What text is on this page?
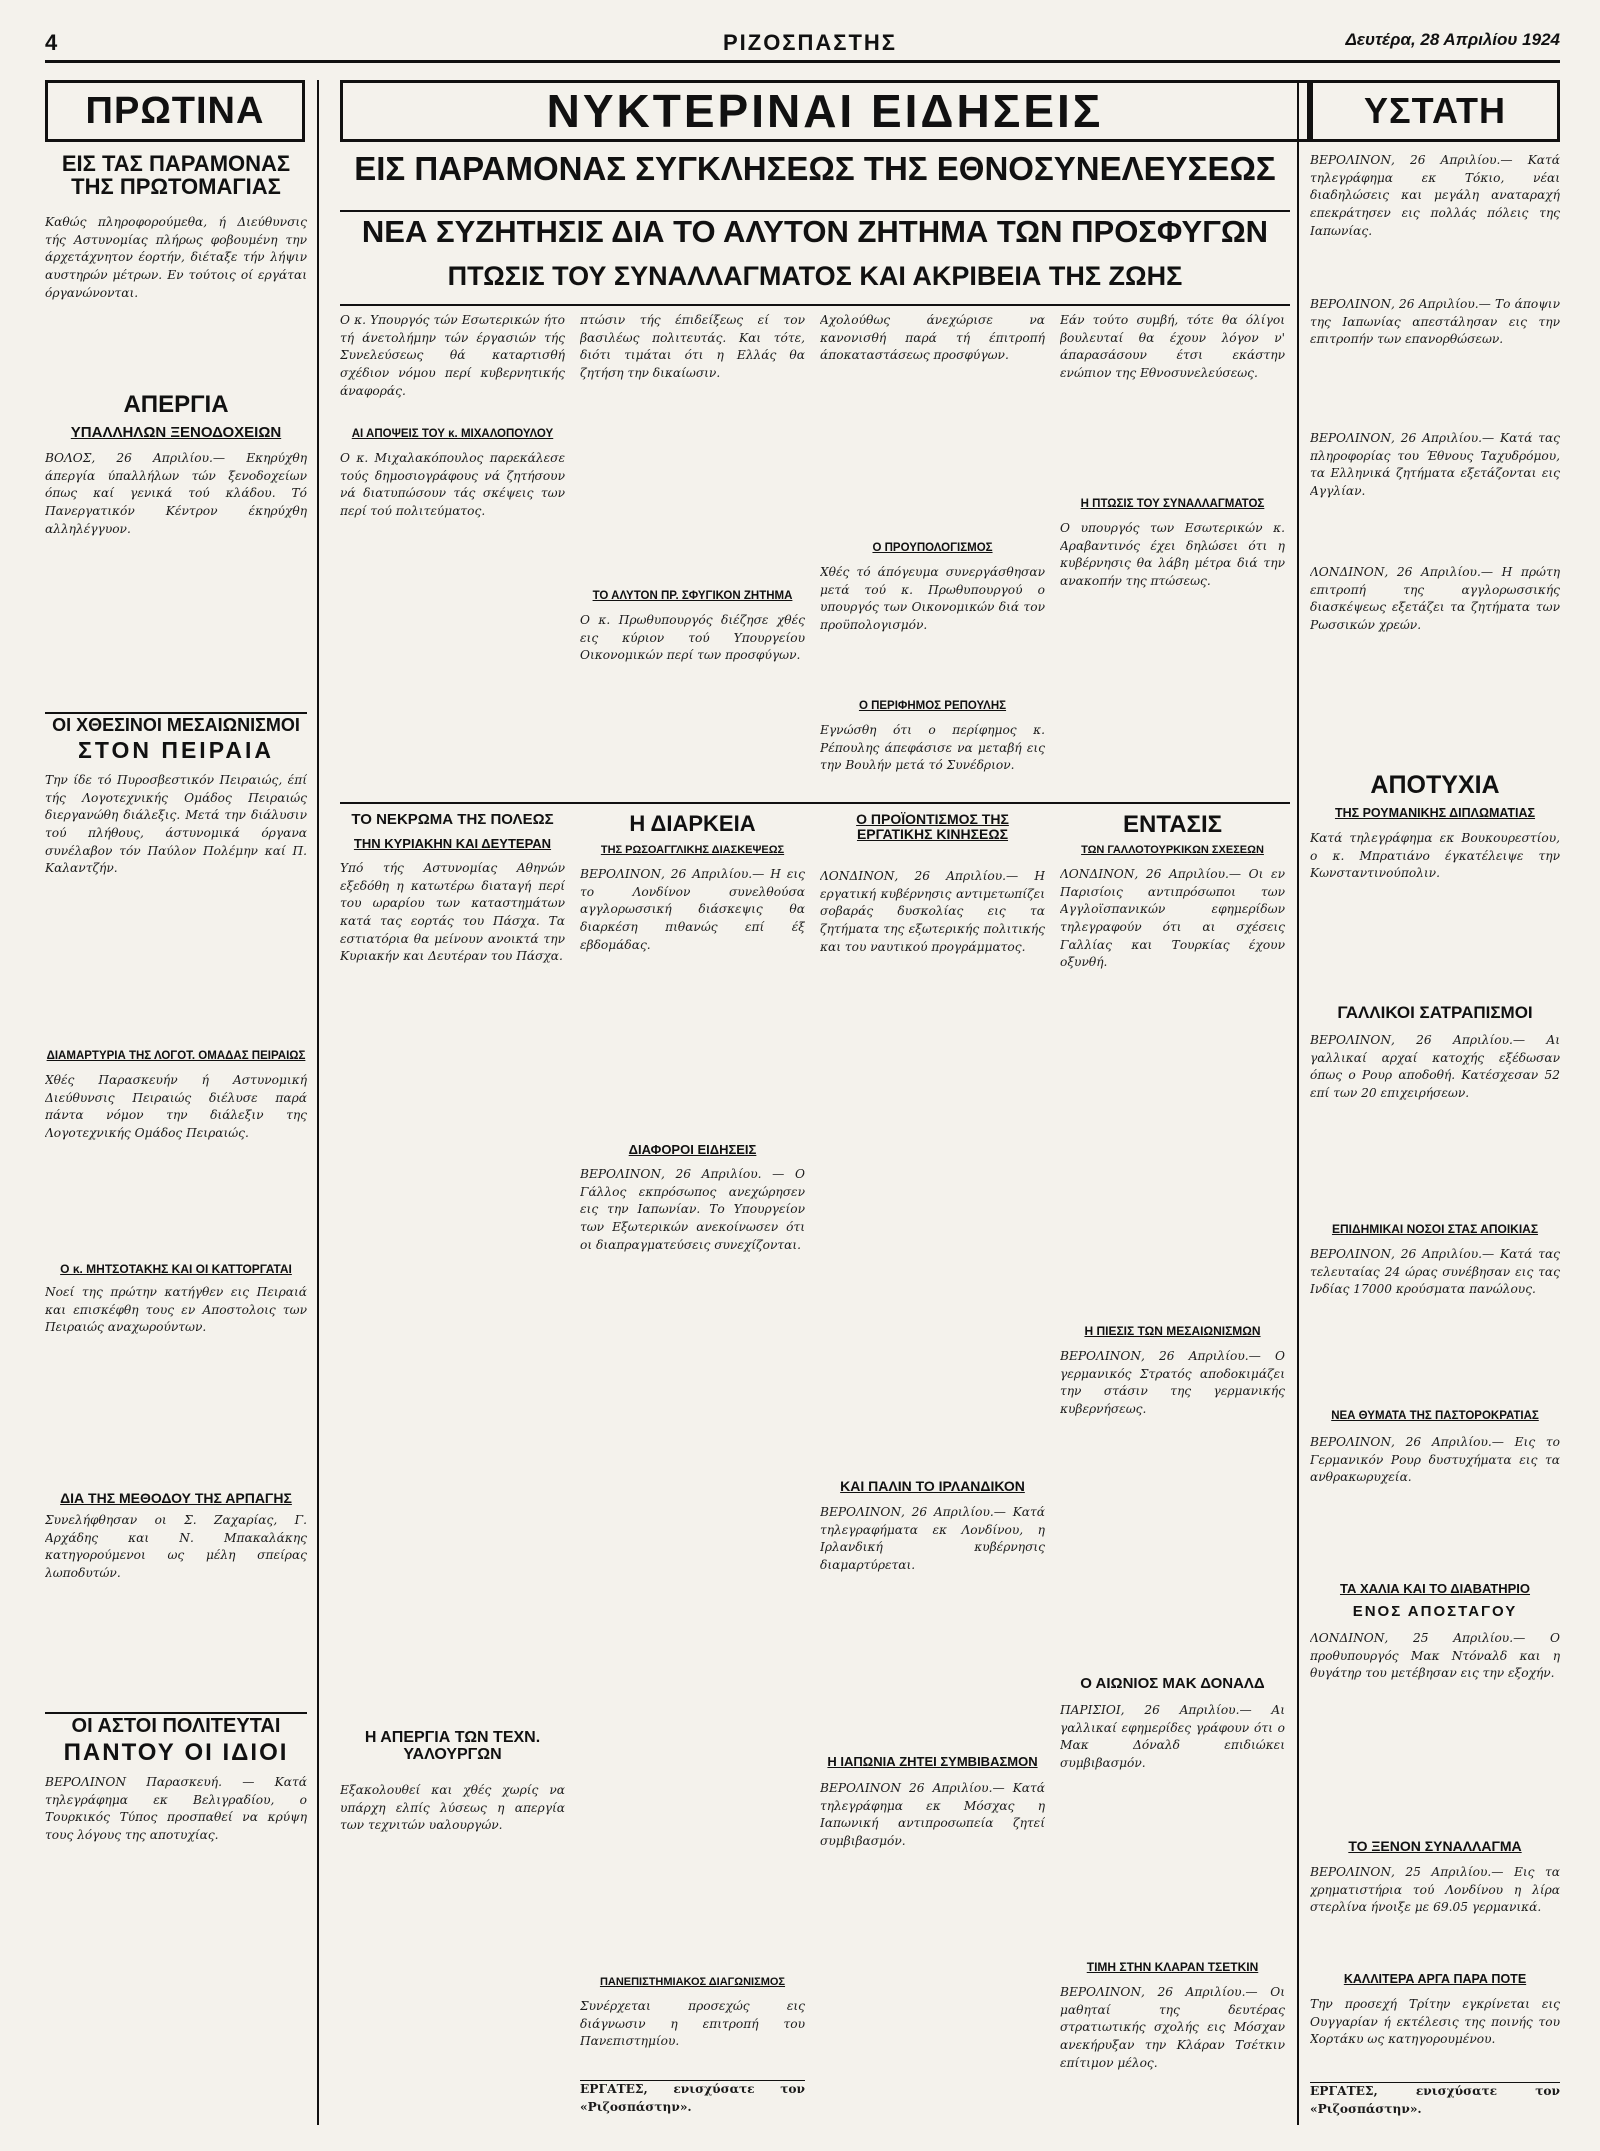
4	ΡΙΖΟΣΠΑΣΤΗΣ	Δευτέρα, 28 Απριλίου 1924
ΠΡΩΤΙΝΑ	ΝΥΚΤΕΡΙΝΑΙ ΕΙΔΗΣΕΙΣ	ΥΣΤΑΤΗ
ΕΙΣ ΠΑΡΑΜΟΝΑΣ ΣΥΓΚΛΗΣΕΩΣ ΤΗΣ ΕΘΝΟΣΥΝΕΛΕΥΣΕΩΣ
ΝΕΑ ΣΥΖΗΤΗΣΙΣ ΔΙΑ ΤΟ ΑΛΥΤΟΝ ΖΗΤΗΜΑ ΤΩΝ ΠΡΟΣΦΥΓΩΝ
ΠΤΩΣΙΣ ΤΟΥ ΣΥΝΑΛΛΑΓΜΑΤΟΣ ΚΑΙ ΑΚΡΙΒΕΙΑ ΤΗΣ ΖΩΗΣ
ΕΙΣ ΤΑΣ ΠΑΡΑΜΟΝΑΣ ΤΗΣ ΠΡΩΤΟΜΑΓΙΑΣ
Καθώς πληροφορούμεθα, ή Διεύθυνσις τής Αστυνομίας πλήρως φοβουμένη την άρχετάχνητον έορτήν, διέταξε τήν λήψιν αυστηρών μέτρων. Εν τούτοις οί εργάται όργανώνονται.
ΑΠΕΡΓΙΑ
ΥΠΑΛΛΗΛΩΝ ΞΕΝΟΔΟΧΕΙΩΝ
ΒΟΛΟΣ, 26 Απριλίου.— Εκηρύχθη άπεργία ύπαλλήλων τών ξενοδοχείων όπως καί γενικά τού κλάδου. Τό Πανεργατικόν Κέντρον έκηρύχθη αλληλέγγυον.
ΟΙ ΧΘΕΣΙΝΟΙ ΜΕΣΑΙΩΝΙΣΜΟΙ
ΣΤΟΝ ΠΕΙΡΑΙΑ
Την ίδε τό Πυροσβεστικόν Πειραιώς, έπί τής Λογοτεχνικής Ομάδος Πειραιώς διεργανώθη διάλεξις. Μετά την διάλυσιν τού πλήθους, άστυνομικά όργανα συνέλαβον τόν Παύλον Πολέμην καί Π. Καλαντζήν.
ΔΙΑΜΑΡΤΥΡΙΑ ΤΗΣ ΛΟΓΟΤ. ΟΜΑΔΑΣ ΠΕΙΡΑΙΩΣ
Χθές Παρασκευήν ή Αστυνομική Διεύθυνσις Πειραιώς διέλυσε παρά πάντα νόμον την διάλεξιν της Λογοτεχνικής Ομάδος Πειραιώς.
Ο κ. ΜΗΤΣΟΤΑΚΗΣ ΚΑΙ ΟΙ ΚΑΤΤΟΡΓΑΤΑΙ
Νοεί της πρώτην κατήγθεν εις Πειραιά και επισκέφθη τους εν Αποστολοις των Πειραιώς αναχωρούντων.
ΔΙΑ ΤΗΣ ΜΕΘΟΔΟΥ ΤΗΣ ΑΡΠΑΓΗΣ
Συνελήφθησαν οι Σ. Ζαχαρίας, Γ. Αρχάδης και Ν. Μπακαλάκης κατηγορούμενοι ως μέλη σπείρας λωποδυτών.
ΟΙ ΑΣΤΟΙ ΠΟΛΙΤΕΥΤΑΙ
ΠΑΝΤΟΥ ΟΙ ΙΔΙΟΙ
ΒΕΡΟΛΙΝΟΝ Παρασκευή. — Κατά τηλεγράφημα εκ Βελιγραδίου, ο Τουρκικός Τύπος προσπαθεί να κρύψη τους λόγους της αποτυχίας.
Ο κ. Υπουργός τών Εσωτερικών ήτο τή άνετολήμην τών έργασιών τής Συνελεύσεως θά καταρτισθή σχέδιον νόμου περί κυβερνητικής άναφοράς.
ΑΙ ΑΠΟΨΕΙΣ ΤΟΥ κ. ΜΙΧΑΛΟΠΟΥΛΟΥ
Ο κ. Μιχαλακόπουλος παρεκάλεσε τούς δημοσιογράφους νά ζητήσουν νά διατυπώσουν τάς σκέψεις των περί τού πολιτεύματος.
πτώσιν τής έπιδείξεως εί τον βασιλέως πολιτευτάς. Και τότε, διότι τιμάται ότι η Ελλάς θα ζητήση την δικαίωσιν.
ΤΟ ΑΛΥΤΟΝ ΠΡ. ΣΦΥΓΙΚΟΝ ΖΗΤΗΜΑ
Ο κ. Πρωθυπουργός διέζησε χθές εις κύριον τού Υπουργείου Οικονομικών περί των προσφύγων.
Αχολούθως άνεχώρισε να κανονισθή παρά τή έπιτροπή άποκαταστάσεως προσφύγων.
Ο ΠΡΟΫΠΟΛΟΓΙΣΜΟΣ
Χθές τό άπόγευμα συνεργάσθησαν μετά τού κ. Πρωθυπουργού ο υπουργός των Οικονομικών διά τον προϋπολογισμόν.
Ο ΠΕΡΙΦΗΜΟΣ ΡΕΠΟΥΛΗΣ
Εγνώσθη ότι ο περίφημος κ. Ρέπουλης άπεφάσισε να μεταβή εις την Βουλήν μετά τό Συνέδριον.
Εάν τούτο συμβή, τότε θα όλίγοι βουλευταί θα έχουν λόγον ν' άπαρασάσουν έτσι εκάστην ενώπιον της Εθνοσυνελεύσεως.
Η ΠΤΩΣΙΣ ΤΟΥ ΣΥΝΑΛΛΑΓΜΑΤΟΣ
Ο υπουργός των Εσωτερικών κ. Αραβαντινός έχει δηλώσει ότι η κυβέρνησις θα λάβη μέτρα διά την ανακοπήν της πτώσεως.
ΤΟ ΝΕΚΡΩΜΑ ΤΗΣ ΠΟΛΕΩΣ
ΤΗΝ ΚΥΡΙΑΚΗΝ ΚΑΙ ΔΕΥΤΕΡΑΝ
Υπό τής Αστυνομίας Αθηνών εξεδόθη η κατωτέρω διαταγή περί του ωραρίου των καταστημάτων κατά τας εορτάς του Πάσχα. Τα εστιατόρια θα μείνουν ανοικτά την Κυριακήν και Δευτέραν του Πάσχα.
Η ΑΠΕΡΓΙΑ ΤΩΝ ΤΕΧΝ. ΥΑΛΟΥΡΓΩΝ
Εξακολουθεί και χθές χωρίς να υπάρχη ελπίς λύσεως η απεργία των τεχνιτών υαλουργών.
Η ΔΙΑΡΚΕΙΑ
ΤΗΣ ΡΩΣΟΑΓΓΛΙΚΗΣ ΔΙΑΣΚΕΨΕΩΣ
ΒΕΡΟΛΙΝΟΝ, 26 Απριλίου.— Η εις το Λονδίνον συνελθούσα αγγλορωσσική διάσκεψις θα διαρκέση πιθανώς επί έξ εβδομάδας.
ΔΙΑΦΟΡΟΙ ΕΙΔΗΣΕΙΣ
ΒΕΡΟΛΙΝΟΝ, 26 Απριλίου. — Ο Γάλλος εκπρόσωπος ανεχώρησεν εις την Ιαπωνίαν. Το Υπουργείον των Εξωτερικών ανεκοίνωσεν ότι οι διαπραγματεύσεις συνεχίζονται.
ΠΑΝΕΠΙΣΤΗΜΙΑΚΟΣ ΔΙΑΓΩΝΙΣΜΟΣ
Συνέρχεται προσεχώς εις διάγνωσιν η επιτροπή του Πανεπιστημίου.
ΕΡΓΑΤΕΣ, ενισχύσατε τον «Ριζοσπάστην».
Ο ΠΡΟΪΟΝΤΙΣΜΟΣ ΤΗΣ ΕΡΓΑΤΙΚΗΣ ΚΙΝΗΣΕΩΣ
ΛΟΝΔΙΝΟΝ, 26 Απριλίου.— Η εργατική κυβέρνησις αντιμετωπίζει σοβαράς δυσκολίας εις τα ζητήματα της εξωτερικής πολιτικής και του ναυτικού προγράμματος.
ΚΑΙ ΠΑΛΙΝ ΤΟ ΙΡΛΑΝΔΙΚΟΝ
ΒΕΡΟΛΙΝΟΝ, 26 Απριλίου.— Κατά τηλεγραφήματα εκ Λονδίνου, η Ιρλανδική κυβέρνησις διαμαρτύρεται.
Η ΙΑΠΩΝΙΑ ΖΗΤΕΙ ΣΥΜΒΙΒΑΣΜΟΝ
ΒΕΡΟΛΙΝΟΝ 26 Απριλίου.— Κατά τηλεγράφημα εκ Μόσχας η Ιαπωνική αντιπροσωπεία ζητεί συμβιβασμόν.
ΕΝΤΑΣΙΣ
ΤΩΝ ΓΑΛΛΟΤΟΥΡΚΙΚΩΝ ΣΧΕΣΕΩΝ
ΛΟΝΔΙΝΟΝ, 26 Απριλίου.— Οι εν Παρισίοις αντιπρόσωποι των Αγγλοϊσπανικών εφημερίδων τηλεγραφούν ότι αι σχέσεις Γαλλίας και Τουρκίας έχουν οξυνθή.
Η ΠΙΕΣΙΣ ΤΩΝ ΜΕΣΑΙΩΝΙΣΜΩΝ
ΒΕΡΟΛΙΝΟΝ, 26 Απριλίου.— Ο γερμανικός Στρατός αποδοκιμάζει την στάσιν της γερμανικής κυβερνήσεως.
Ο ΑΙΩΝΙΟΣ ΜΑΚ ΔΟΝΑΛΔ
ΠΑΡΙΣΙΟΙ, 26 Απριλίου.— Αι γαλλικαί εφημερίδες γράφουν ότι ο Μακ Δόναλδ επιδιώκει συμβιβασμόν.
ΤΙΜΗ ΣΤΗΝ ΚΛΑΡΑΝ ΤΣΕΤΚΙΝ
ΒΕΡΟΛΙΝΟΝ, 26 Απριλίου.— Οι μαθηταί της δευτέρας στρατιωτικής σχολής εις Μόσχαν ανεκήρυξαν την Κλάραν Τσέτκιν επίτιμον μέλος.
ΒΕΡΟΛΙΝΟΝ, 26 Απριλίου.— Κατά τηλεγράφημα εκ Τόκιο, νέαι διαδηλώσεις και μεγάλη αναταραχή επεκράτησεν εις πολλάς πόλεις της Ιαπωνίας.
ΒΕΡΟΛΙΝΟΝ, 26 Απριλίου.— Το άποψιν της Ιαπωνίας απεστάλησαν εις την επιτροπήν των επανορθώσεων.
ΒΕΡΟΛΙΝΟΝ, 26 Απριλίου.— Κατά τας πληροφορίας του Έθνους Ταχυδρόμου, τα Ελληνικά ζητήματα εξετάζονται εις Αγγλίαν.
ΛΟΝΔΙΝΟΝ, 26 Απριλίου.— Η πρώτη επιτροπή της αγγλορωσσικής διασκέψεως εξετάζει τα ζητήματα των Ρωσσικών χρεών.
ΑΠΟΤΥΧΙΑ
ΤΗΣ ΡΟΥΜΑΝΙΚΗΣ ΔΙΠΛΩΜΑΤΙΑΣ
Κατά τηλεγράφημα εκ Βουκουρεστίου, ο κ. Μπρατιάνο έγκατέλειψε την Κωνσταντινούπολιν.
ΓΑΛΛΙΚΟΙ ΣΑΤΡΑΠΙΣΜΟΙ
ΒΕΡΟΛΙΝΟΝ, 26 Απριλίου.— Αι γαλλικαί αρχαί κατοχής εξέδωσαν όπως ο Ρουρ αποδοθή. Κατέσχεσαν 52 επί των 20 επιχειρήσεων.
ΕΠΙΔΗΜΙΚΑΙ ΝΟΣΟΙ ΣΤΑΣ ΑΠΟΙΚΙΑΣ
ΒΕΡΟΛΙΝΟΝ, 26 Απριλίου.— Κατά τας τελευταίας 24 ώρας συνέβησαν εις τας Ινδίας 17000 κρούσματα πανώλους.
ΝΕΑ ΘΥΜΑΤΑ ΤΗΣ ΠΑΣΤΟΡΟΚΡΑΤΙΑΣ
ΒΕΡΟΛΙΝΟΝ, 26 Απριλίου.— Εις το Γερμανικόν Ρουρ δυστυχήματα εις τα ανθρακωρυχεία.
ΤΑ ΧΑΛΙΑ ΚΑΙ ΤΟ ΔΙΑΒΑΤΗΡΙΟ
ΕΝΟΣ ΑΠΟΣΤΑΓΟΥ
ΛΟΝΔΙΝΟΝ, 25 Απριλίου.— Ο προθυπουργός Μακ Ντόναλδ και η θυγάτηρ του μετέβησαν εις την εξοχήν.
ΤΟ ΞΕΝΟΝ ΣΥΝΑΛΛΑΓΜΑ
ΒΕΡΟΛΙΝΟΝ, 25 Απριλίου.— Εις τα χρηματιστήρια τού Λονδίνου η λίρα στερλίνα ήνοιξε με 69.05 γερμανικά.
ΚΑΛΛΙΤΕΡΑ ΑΡΓΑ ΠΑΡΑ ΠΟΤΕ
Την προσεχή Τρίτην εγκρίνεται εις Ουγγαρίαν ή εκτέλεσις της ποινής του Χορτάκυ ως κατηγορουμένου.
ΕΡΓΑΤΕΣ, ενισχύσατε τον «Ριζοσπάστην».
